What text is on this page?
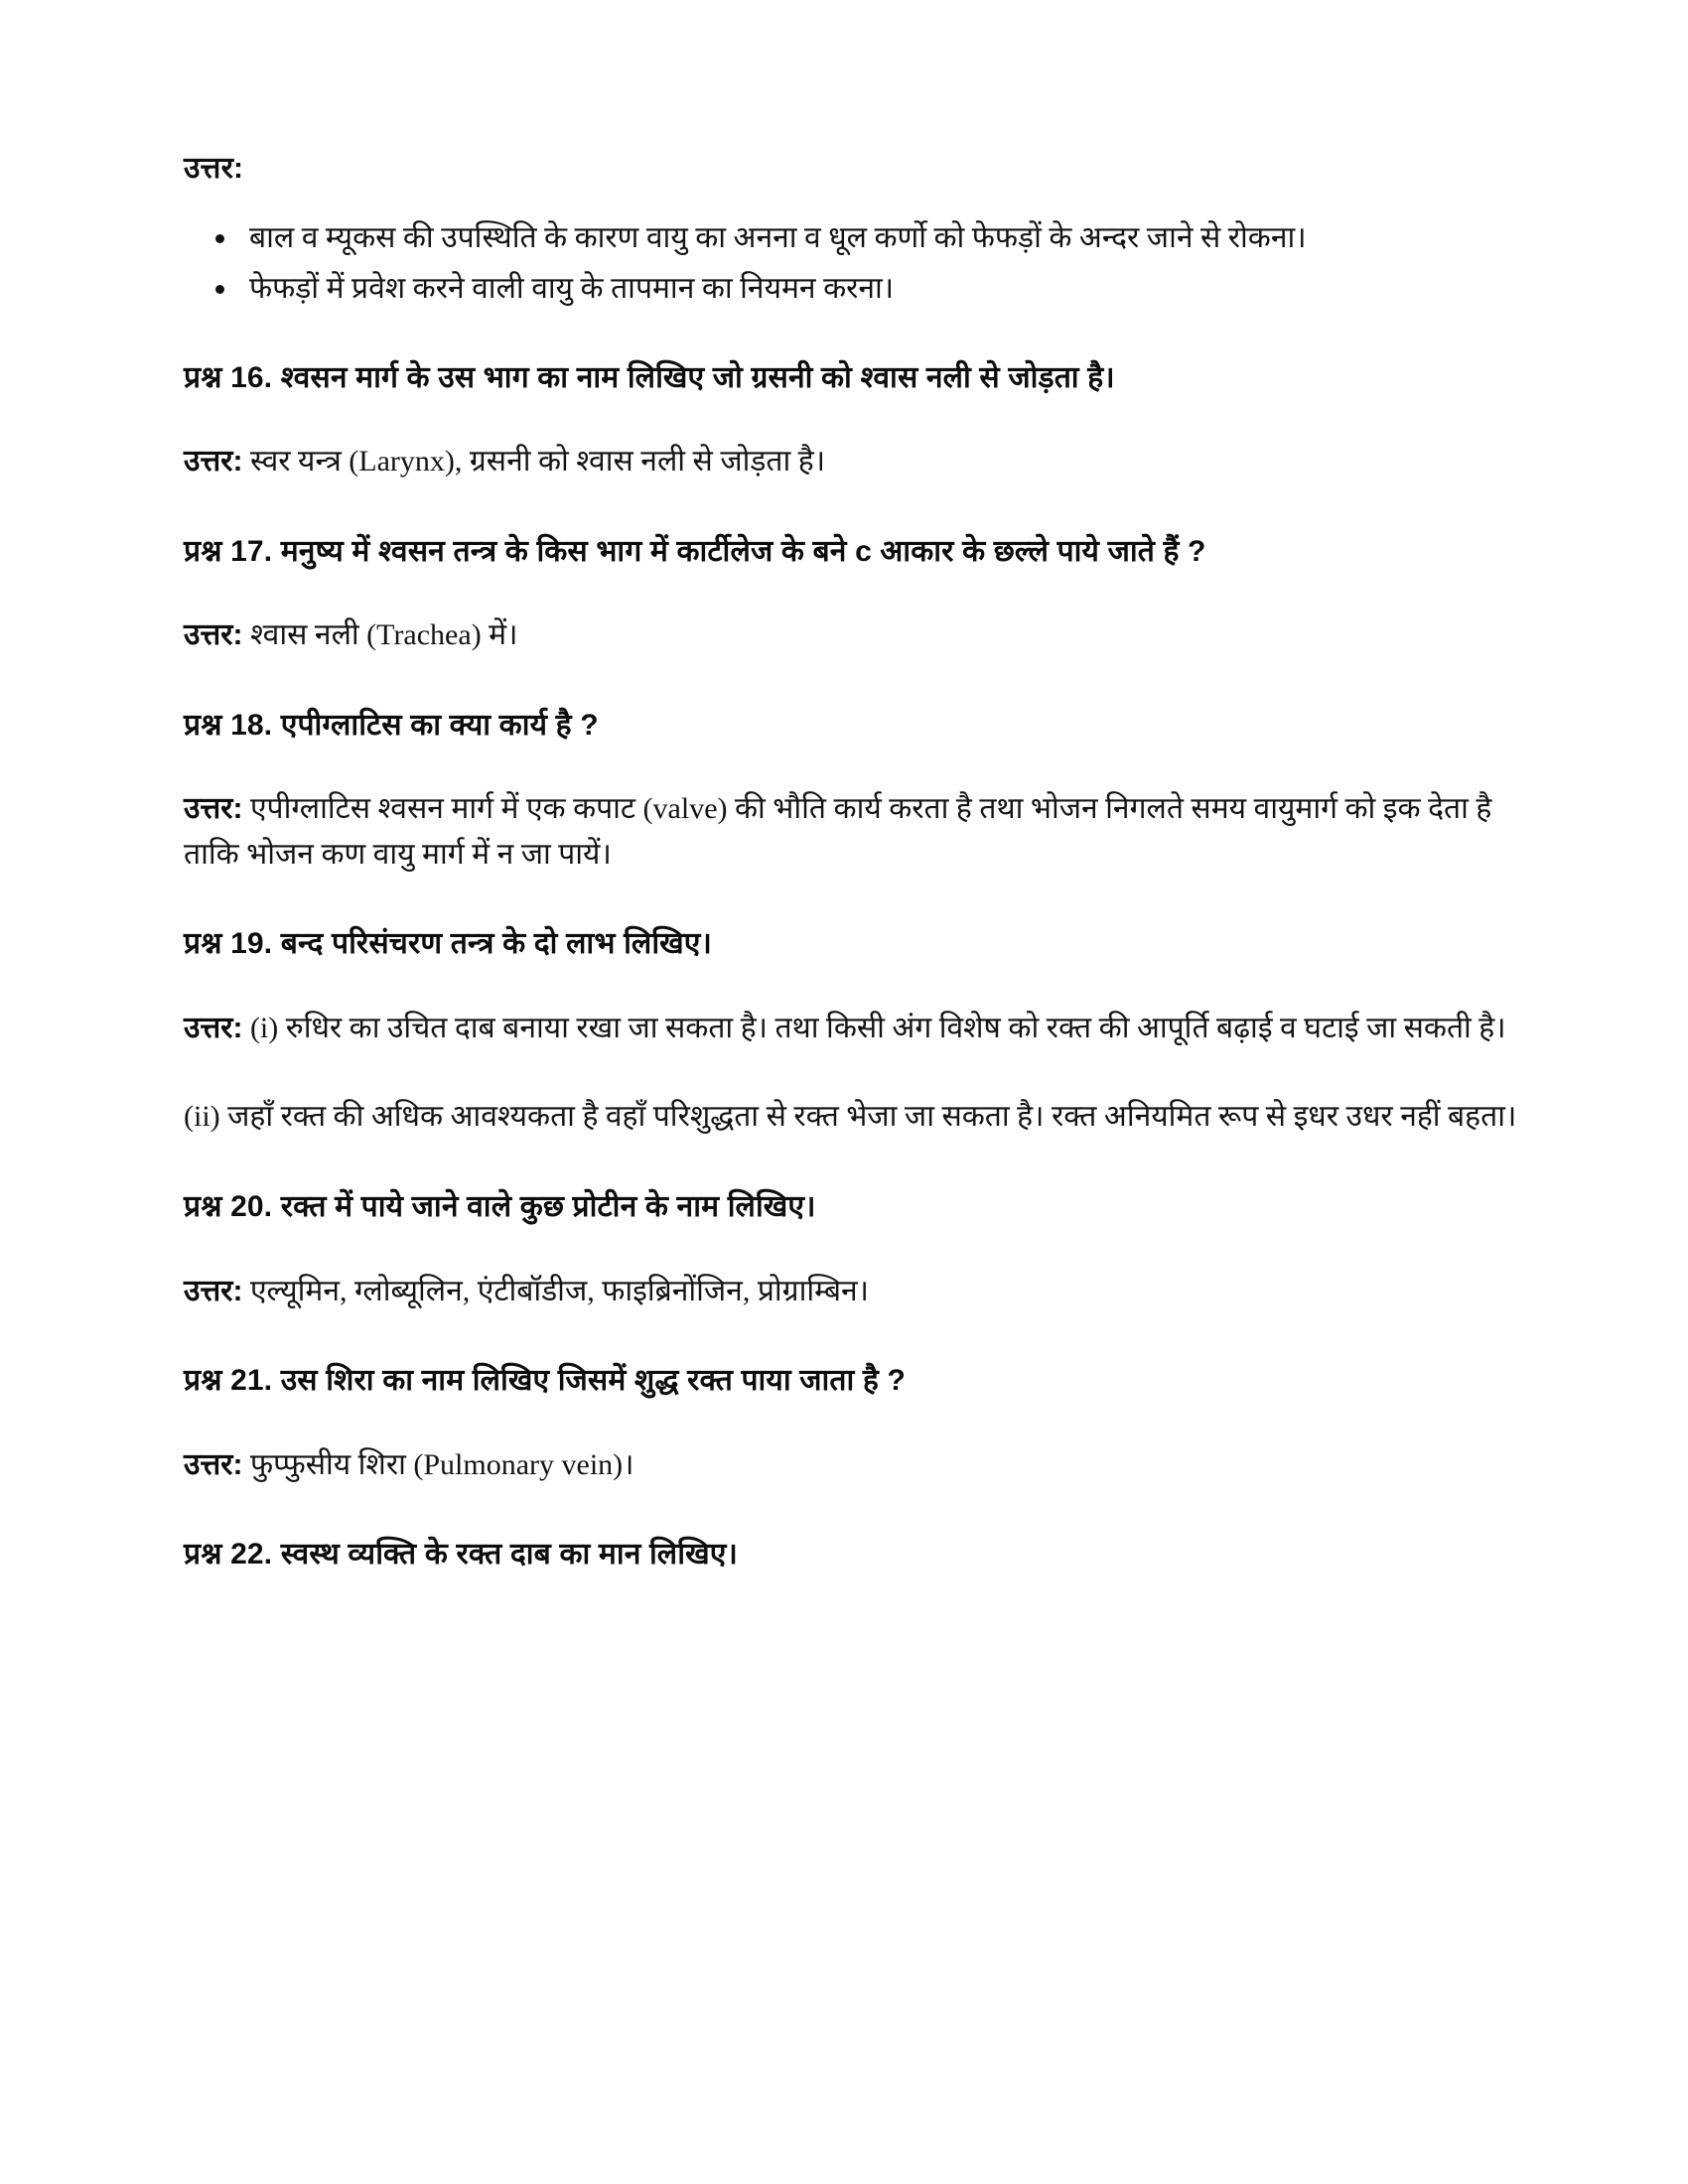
उत्तर:
बाल व म्यूकस की उपस्थिति के कारण वायु का अनना व धूल कर्णो को फेफड़ों के अन्दर जाने से रोकना।
फेफड़ों में प्रवेश करने वाली वायु के तापमान का नियमन करना।
प्रश्न 16. श्वसन मार्ग के उस भाग का नाम लिखिए जो ग्रसनी को श्वास नली से जोड़ता है।

उत्तर: स्वर यन्त्र (Larynx), ग्रसनी को श्वास नली से जोड़ता है।

प्रश्न 17. मनुष्य में श्वसन तन्त्र के किस भाग में कार्टीलेज के बने c आकार के छल्ले पाये जाते हैं ?

उत्तर: श्वास नली (Trachea) में।

प्रश्न 18. एपीग्लाटिस का क्या कार्य है ?

उत्तर: एपीग्लाटिस श्वसन मार्ग में एक कपाट (valve) की भौति कार्य करता है तथा भोजन निगलते समय वायुमार्ग को इक देता है ताकि भोजन कण वायु मार्ग में न जा पायें।

प्रश्न 19. बन्द परिसंचरण तन्त्र के दो लाभ लिखिए।

उत्तर: (i) रुधिर का उचित दाब बनाया रखा जा सकता है। तथा किसी अंग विशेष को रक्त की आपूर्ति बढ़ाई व घटाई जा सकती है।

(ii) जहाँ रक्त की अधिक आवश्यकता है वहाँ परिशुद्धता से रक्त भेजा जा सकता है। रक्त अनियमित रूप से इधर उधर नहीं बहता।

प्रश्न 20. रक्त में पाये जाने वाले कुछ प्रोटीन के नाम लिखिए।

उत्तर: एल्यूमिन, ग्लोब्यूलिन, एंटीबॉडीज, फाइब्रिनोंजिन, प्रोग्राम्बिन।

प्रश्न 21. उस शिरा का नाम लिखिए जिसमें शुद्ध रक्त पाया जाता है ?

उत्तर: फुप्फुसीय शिरा (Pulmonary vein)।

प्रश्न 22. स्वस्थ व्यक्ति के रक्त दाब का मान लिखिए।
